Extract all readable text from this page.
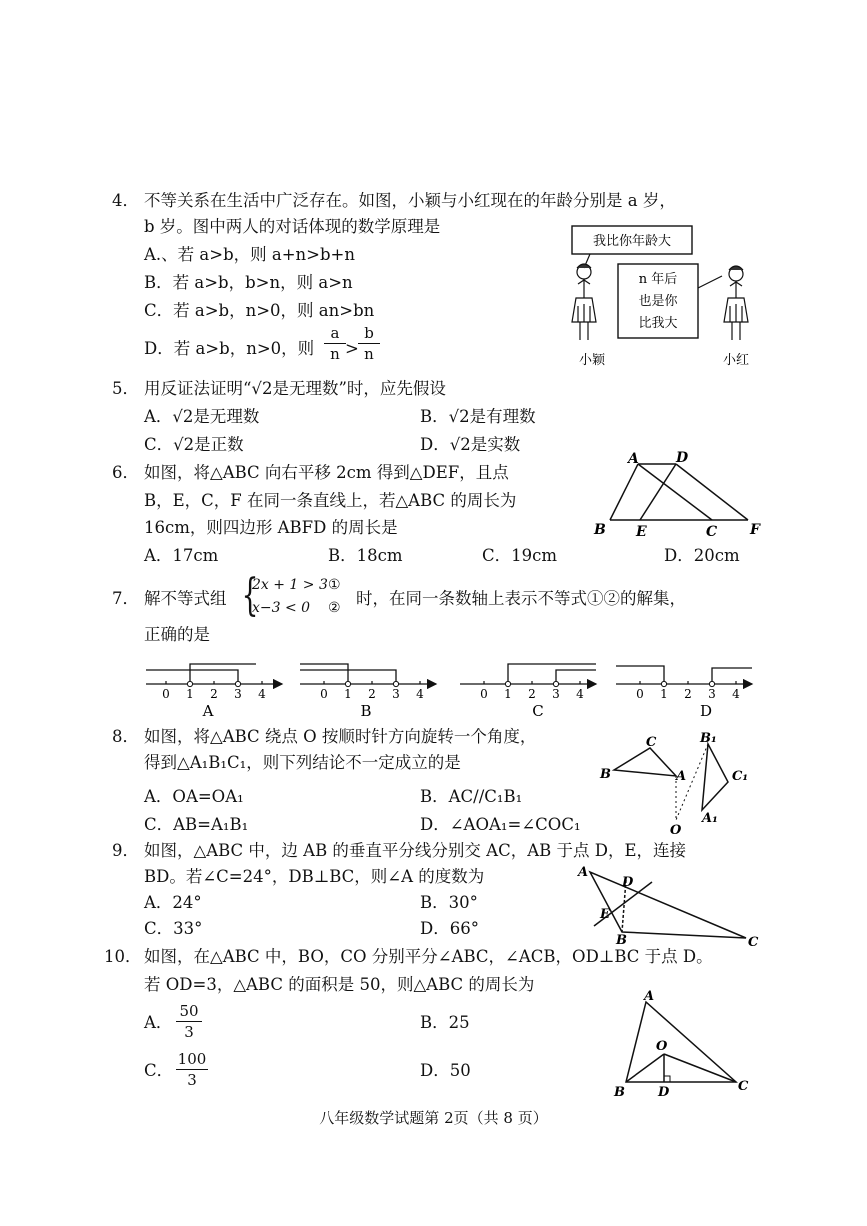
4． 不等关系在生活中广泛存在。如图，小颖与小红现在的年龄分别是 a 岁，
b 岁。图中两人的对话体现的数学原理是
A.、若 a>b，则 a+n>b+n
B．若 a>b，b>n，则 a>n
C．若 a>b，n>0，则 an>bn
D．若 a>b，n>0，则
a
n >
b
n
我比你年龄大
n 年后
也是你
比我大
小颖	小红
5． 用反证法证明“√2是无理数”时，应先假设
A．√2是无理数	B．√2是有理数
C．√2是正数	D．√2是实数
6． 如图，将△ABC 向右平移 2cm 得到△DEF，且点
B，E，C，F 在同一条直线上，若△ABC 的周长为
16cm，则四边形 ABFD 的周长是
A．17cm	B．18cm	C．19cm	D．20cm
A	D
B E	C F
7． 解不等式组 {
2x + 1 > 3
x−3 < 0
①
② 时，在同一条数轴上表示不等式①②的解集，
正确的是
0 1 2 3 4
A
0 1 2 3 4
B
0 1 2 3 4
C
0 1 2 3 4
D
8． 如图，将△ABC 绕点 O 按顺时针方向旋转一个角度，
得到△A₁B₁C₁，则下列结论不一定成立的是
A．OA=OA₁	B．AC//C₁B₁
C．AB=A₁B₁	D．∠AOA₁=∠COC₁
C
B	A
B₁
C₁
A₁
O
9． 如图，△ABC 中，边 AB 的垂直平分线分别交 AC，AB 于点 D，E，连接
BD。若∠C=24°，DB⊥BC，则∠A 的度数为
A．24°	B．30°
C．33°	D．66°
A
D
E
B	C
10． 如图，在△ABC 中，BO，CO 分别平分∠ABC，∠ACB，OD⊥BC 于点 D。
若 OD=3，△ABC 的面积是 50，则△ABC 的周长为
A．
50
3	B．25
C．
100
3	D．50
A
O
B	D	C
八年级数学试题第 2页（共 8 页）
